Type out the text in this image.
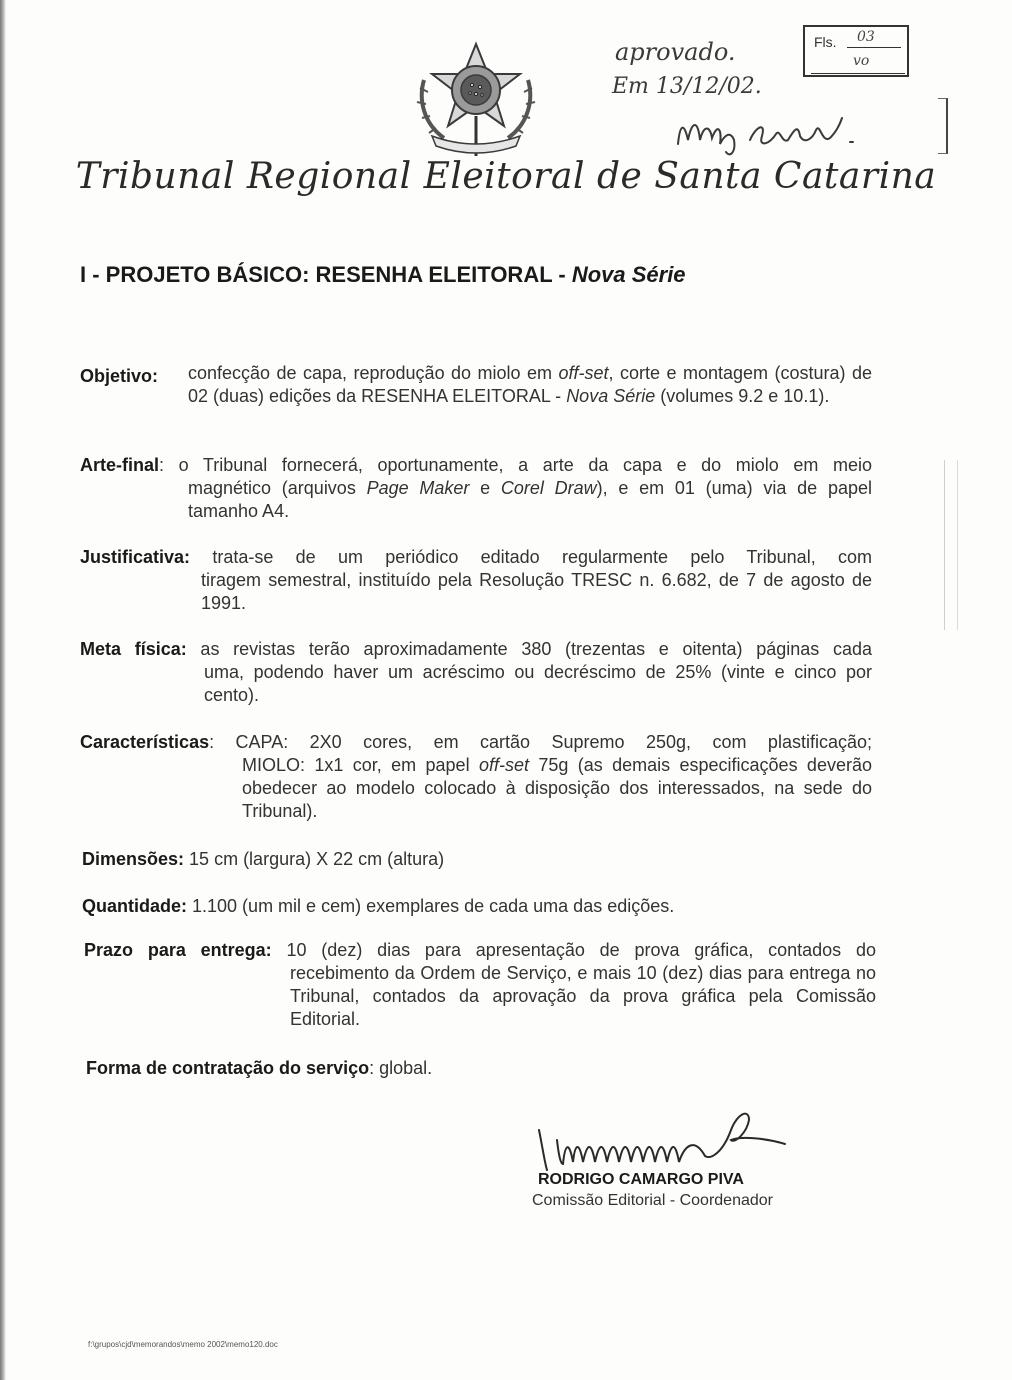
Fls. 03
vo
aprovado.
Em 13/12/02.
Tribunal Regional Eleitoral de Santa Catarina
I - PROJETO BÁSICO: RESENHA ELEITORAL - Nova Série
Objetivo: confecção de capa, reprodução do miolo em off-set, corte e montagem (costura) de 02 (duas) edições da RESENHA ELEITORAL - Nova Série (volumes 9.2 e 10.1).
Arte-final: o Tribunal fornecerá, oportunamente, a arte da capa e do miolo em meio
magnético (arquivos Page Maker e Corel Draw), e em 01 (uma) via de papel tamanho A4.
Justificativa: trata-se de um periódico editado regularmente pelo Tribunal, com
tiragem semestral, instituído pela Resolução TRESC n. 6.682, de 7 de agosto de 1991.
Meta física: as revistas terão aproximadamente 380 (trezentas e oitenta) páginas cada
uma, podendo haver um acréscimo ou decréscimo de 25% (vinte e cinco por cento).
Características: CAPA: 2X0 cores, em cartão Supremo 250g, com plastificação;
MIOLO: 1x1 cor, em papel off-set 75g (as demais especificações deverão obedecer ao modelo colocado à disposição dos interessados, na sede do Tribunal).
Dimensões: 15 cm (largura) X 22 cm (altura)
Quantidade: 1.100 (um mil e cem) exemplares de cada uma das edições.
Prazo para entrega: 10 (dez) dias para apresentação de prova gráfica, contados do
recebimento da Ordem de Serviço, e mais 10 (dez) dias para entrega no Tribunal, contados da aprovação da prova gráfica pela Comissão Editorial.
Forma de contratação do serviço: global.
RODRIGO CAMARGO PIVA
Comissão Editorial - Coordenador
f:\grupos\cjd\memorandos\memo 2002\memo120.doc
